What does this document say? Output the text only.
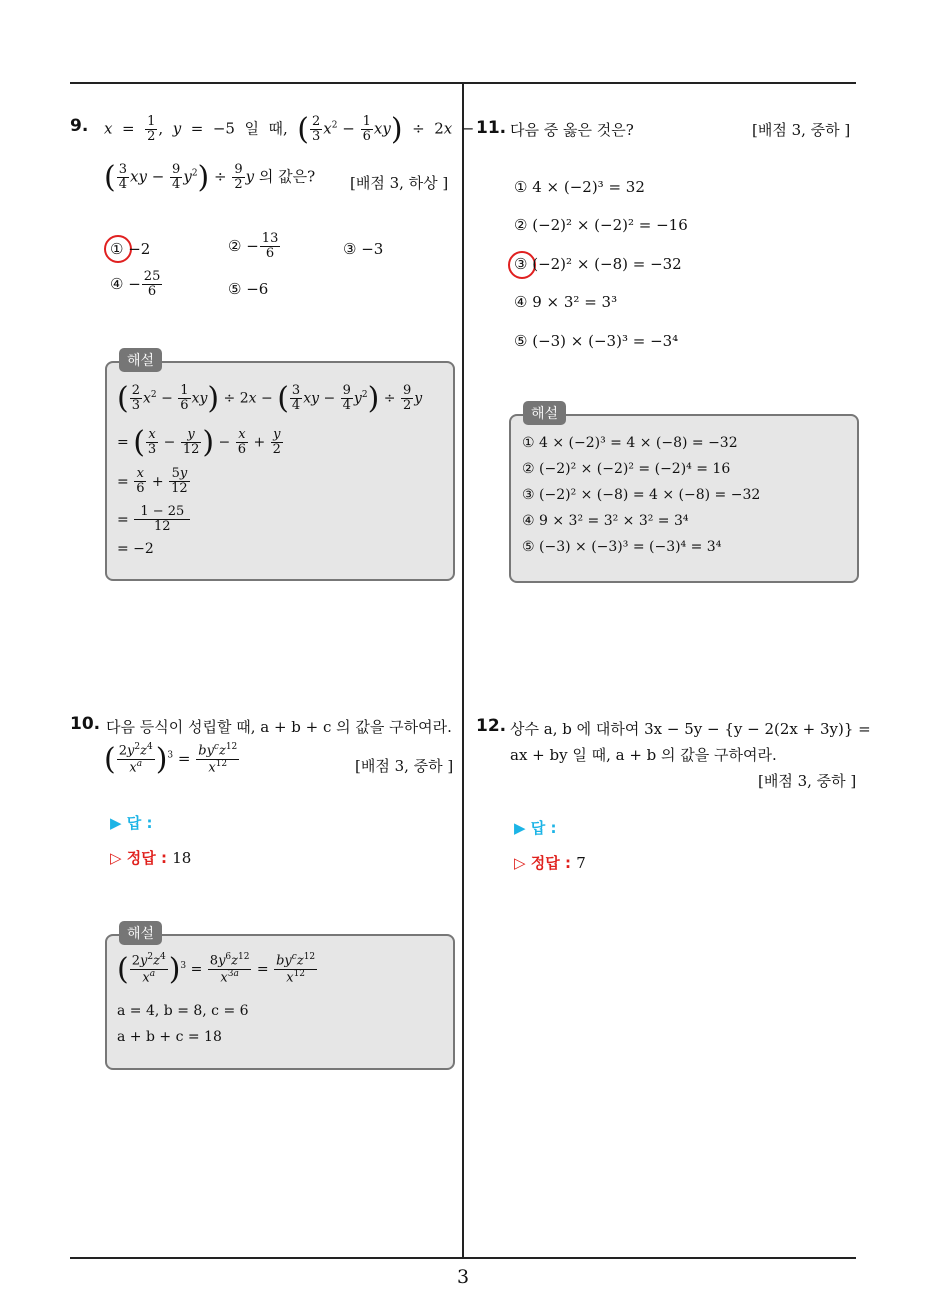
9. $x = \frac{1}{2}$ ,  y  =  −5  일  때,  ( $\frac{2}{3} x^2 - \frac{1}{6} xy) \div 2x$  −
( $\frac{3}{4}$ xy − $\frac{9}{4} y^2) \div \frac{9}{2}$ y 의 값은? [배점 3, 하상 ]
① −2	② − $\frac{13}{6}$	③ −3
④ − $\frac{25}{6}$	⑤ −6
해설
( $\frac{2}{3} x^2 - \frac{1}{6} xy) \div 2x$ − ( $\frac{3}{4}$ xy − $\frac{9}{4} y^2) \div \frac{9}{2}$ y
= ( $\frac{x}{3} - \frac{y}{12}$ ) − $\frac{x}{6} + \frac{y}{2}$
= $\frac{x}{6} + \frac{5y}{12}$
= $\frac{1 - 25}{12}$
= −2
10. 다음 등식이 성립할 때, a + b + c 의 값을 구하여라.
( $\frac{2y^2z^4}{x^a} )^3 = \frac{by^cz^{12}}{x^{12}}$	[배점 3, 중하 ]
▶ 답 :
▷ 정답 : 18
해설
( $\frac{2y^2z^4}{x^a} )^3 = \frac{8y^6z^{12}}{x^{3a}} = \frac{by^cz^{12}}{x^{12}}$
a = 4, b = 8, c = 6
a + b + c = 18
11. 다음 중 옳은 것은?	[배점 3, 중하 ]
① 4 × (−2)³ = 32
② (−2)² × (−2)² = −16
③ (−2)² × (−8) = −32
④ 9 × 3² = 3³
⑤ (−3) × (−3)³ = −3⁴
해설
① 4 × (−2)³ = 4 × (−8) = −32
② (−2)² × (−2)² = (−2)⁴ = 16
③ (−2)² × (−8) = 4 × (−8) = −32
④ 9 × 3² = 3² × 3² = 3⁴
⑤ (−3) × (−3)³ = (−3)⁴ = 3⁴
12. 상수 a, b 에 대하여 3x − 5y − {y − 2(2x + 3y)} =
ax + by 일 때, a + b 의 값을 구하여라.
[배점 3, 중하 ]
▶ 답 :
▷ 정답 : 7
3
